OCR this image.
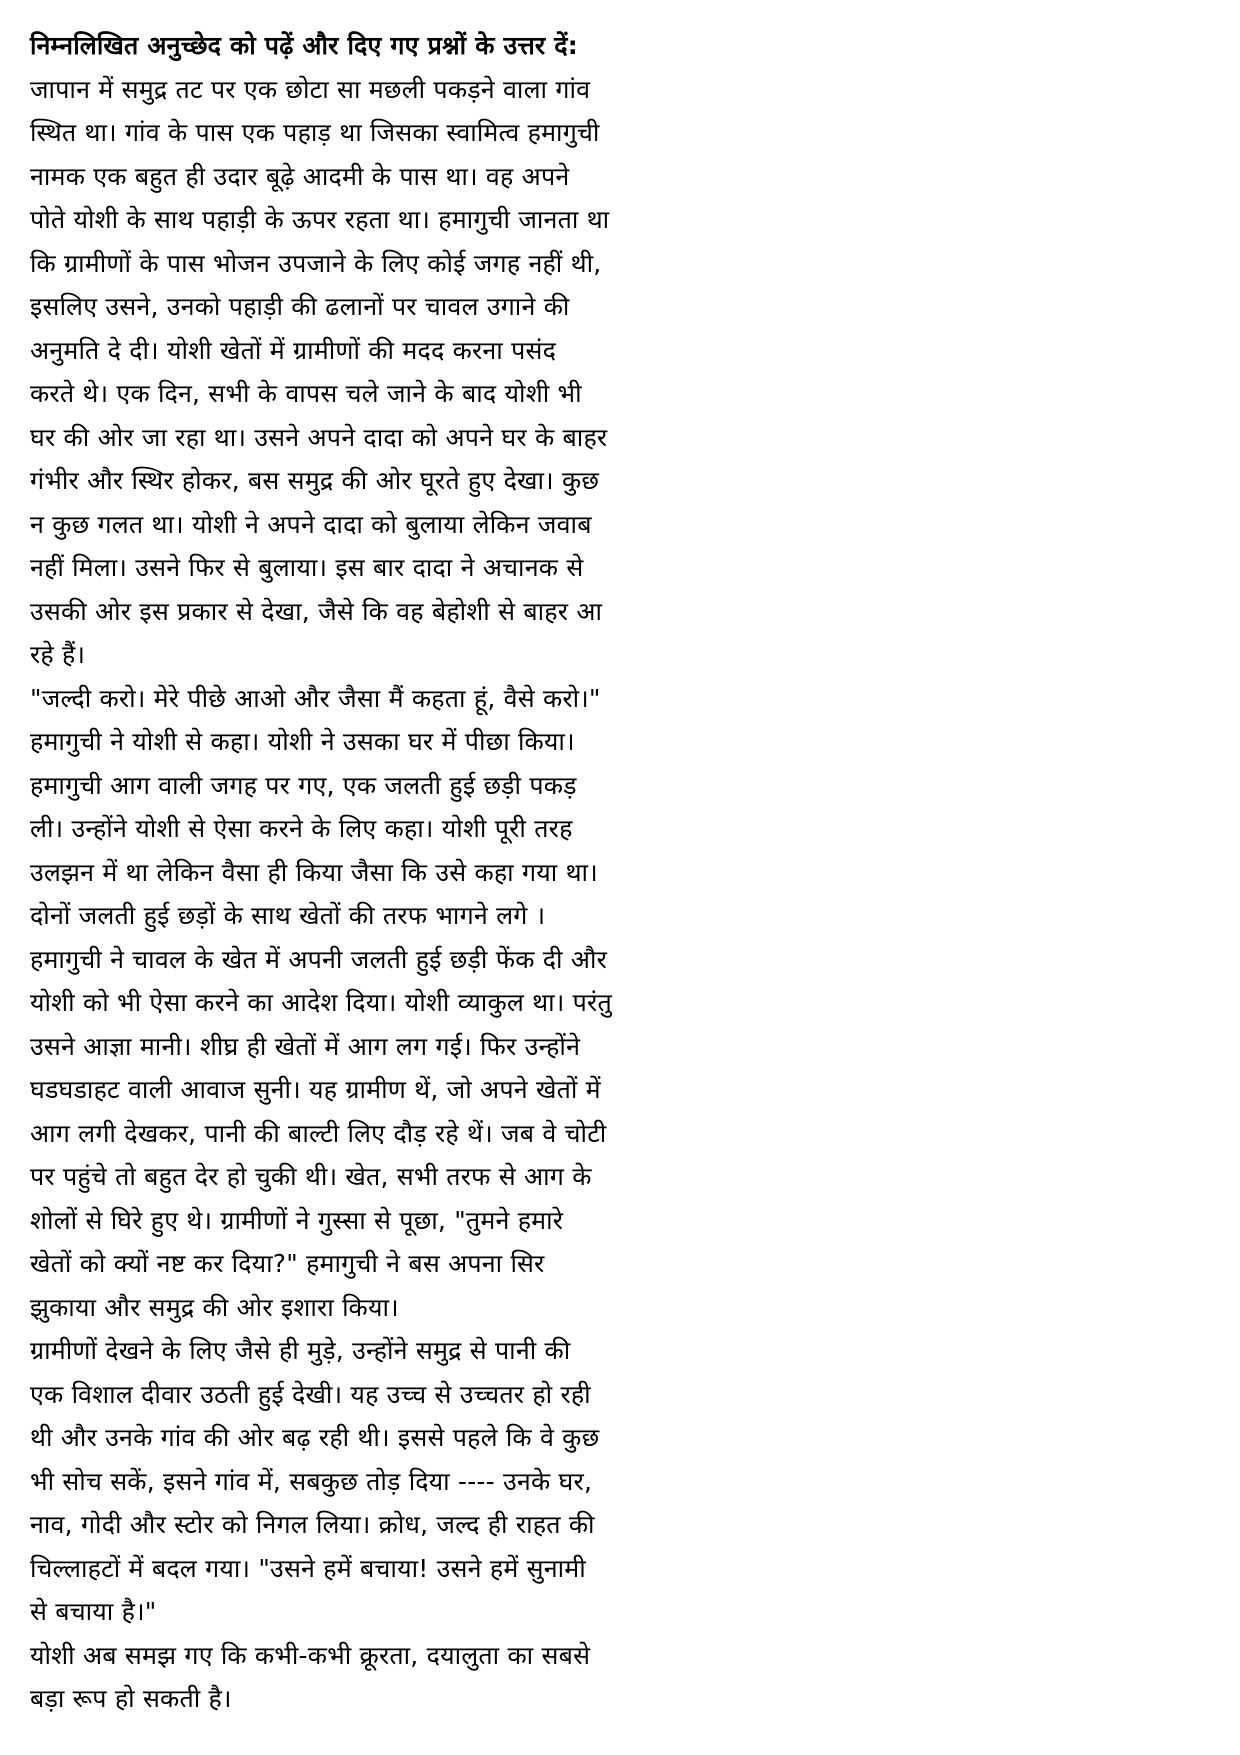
निम्नलिखित अनुच्छेद को पढ़ें और दिए गए प्रश्नों के उत्तर दें:
जापान में समुद्र तट पर एक छोटा सा मछली पकड़ने वाला गांव
स्थित था। गांव के पास एक पहाड़ था जिसका स्वामित्व हमागुची
नामक एक बहुत ही उदार बूढ़े आदमी के पास था। वह अपने
पोते योशी के साथ पहाड़ी के ऊपर रहता था। हमागुची जानता था
कि ग्रामीणों के पास भोजन उपजाने के लिए कोई जगह नहीं थी,
इसलिए उसने, उनको पहाड़ी की ढलानों पर चावल उगाने की
अनुमति दे दी। योशी खेतों में ग्रामीणों की मदद करना पसंद
करते थे। एक दिन, सभी के वापस चले जाने के बाद योशी भी
घर की ओर जा रहा था। उसने अपने दादा को अपने घर के बाहर
गंभीर और स्थिर होकर, बस समुद्र की ओर घूरते हुए देखा। कुछ
न कुछ गलत था। योशी ने अपने दादा को बुलाया लेकिन जवाब
नहीं मिला। उसने फिर से बुलाया। इस बार दादा ने अचानक से
उसकी ओर इस प्रकार से देखा, जैसे कि वह बेहोशी से बाहर आ
रहे हैं।
"जल्दी करो। मेरे पीछे आओ और जैसा मैं कहता हूं, वैसे करो।"
हमागुची ने योशी से कहा। योशी ने उसका घर में पीछा किया।
हमागुची आग वाली जगह पर गए, एक जलती हुई छड़ी पकड़
ली। उन्होंने योशी से ऐसा करने के लिए कहा। योशी पूरी तरह
उलझन में था लेकिन वैसा ही किया जैसा कि उसे कहा गया था।
दोनों जलती हुई छड़ों के साथ खेतों की तरफ भागने लगे ।
हमागुची ने चावल के खेत में अपनी जलती हुई छड़ी फेंक दी और
योशी को भी ऐसा करने का आदेश दिया। योशी व्याकुल था। परंतु
उसने आज्ञा मानी। शीघ्र ही खेतों में आग लग गई। फिर उन्होंने
घडघडाहट वाली आवाज सुनी। यह ग्रामीण थें, जो अपने खेतों में
आग लगी देखकर, पानी की बाल्टी लिए दौड़ रहे थें। जब वे चोटी
पर पहुंचे तो बहुत देर हो चुकी थी। खेत, सभी तरफ से आग के
शोलों से घिरे हुए थे। ग्रामीणों ने गुस्सा से पूछा, "तुमने हमारे
खेतों को क्यों नष्ट कर दिया?" हमागुची ने बस अपना सिर
झुकाया और समुद्र की ओर इशारा किया।
ग्रामीणों देखने के लिए जैसे ही मुड़े, उन्होंने समुद्र से पानी की
एक विशाल दीवार उठती हुई देखी। यह उच्च से उच्चतर हो रही
थी और उनके गांव की ओर बढ़ रही थी। इससे पहले कि वे कुछ
भी सोच सकें, इसने गांव में, सबकुछ तोड़ दिया ---- उनके घर,
नाव, गोदी और स्टोर को निगल लिया। क्रोध, जल्द ही राहत की
चिल्लाहटों में बदल गया। "उसने हमें बचाया! उसने हमें सुनामी
से बचाया है।"
योशी अब समझ गए कि कभी-कभी क्रूरता, दयालुता का सबसे
बड़ा रूप हो सकती है।
